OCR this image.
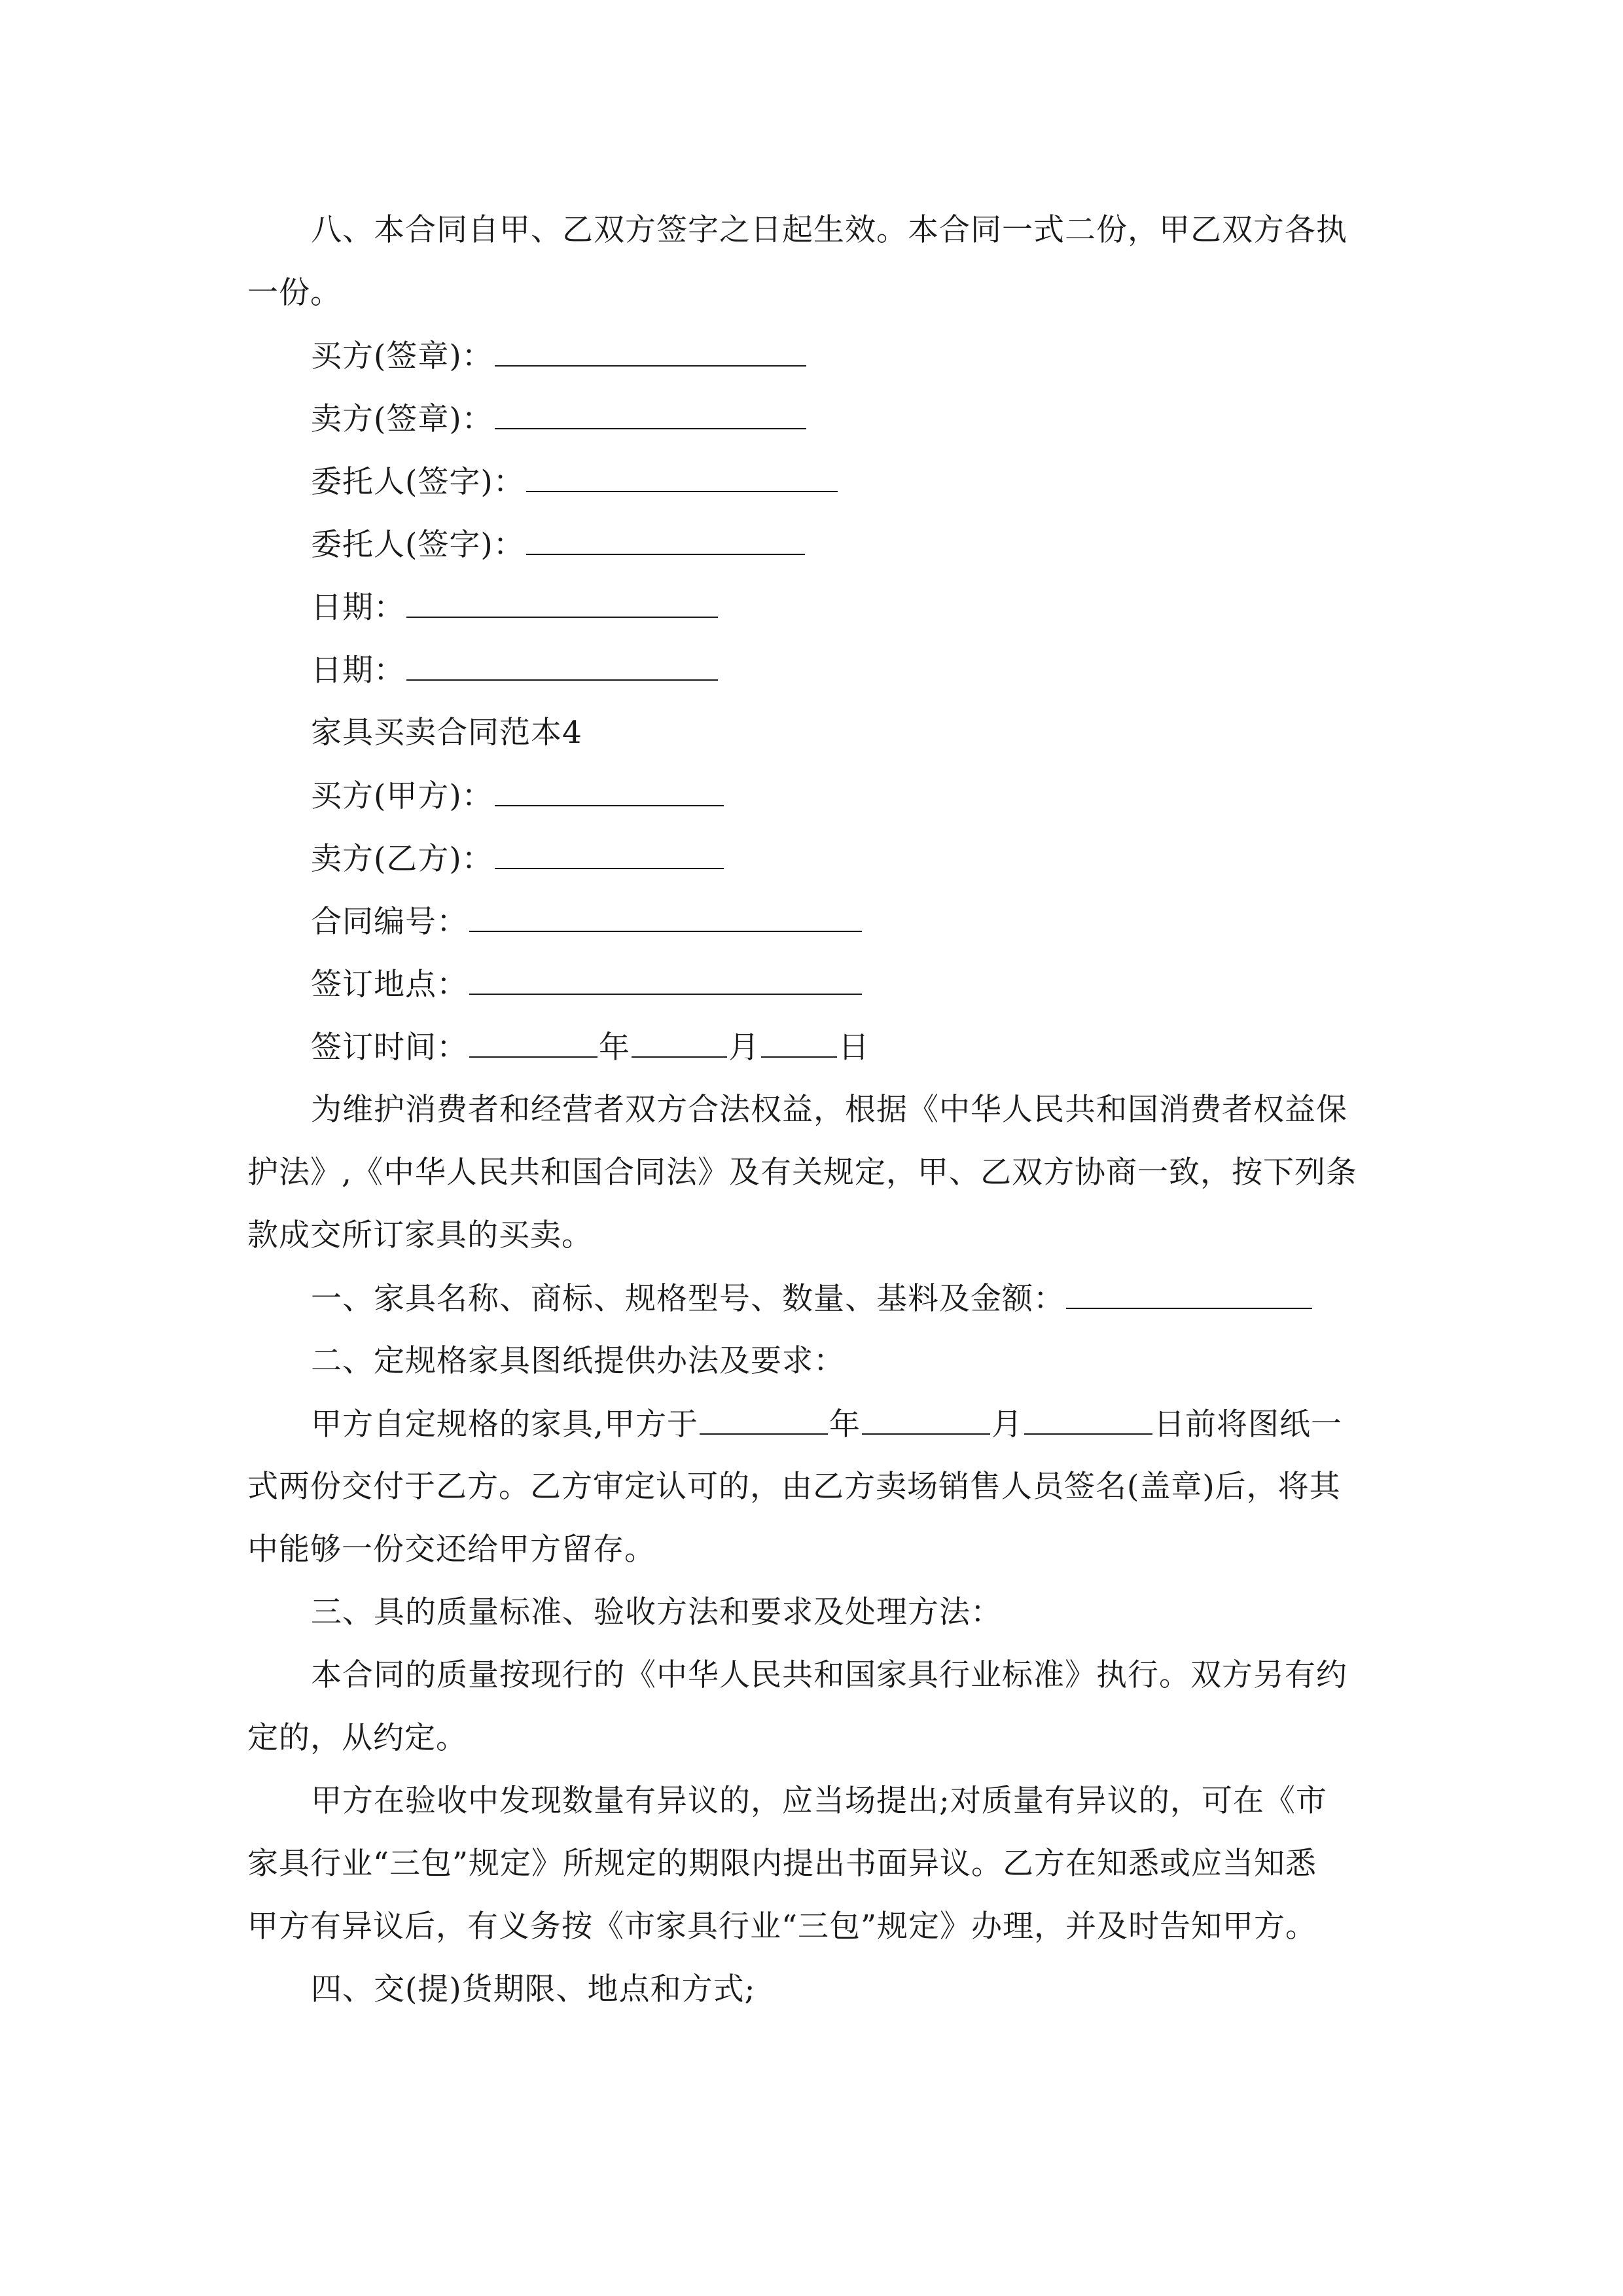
八、本合同自甲、乙双方签字之日起生效。本合同一式二份，甲乙双方各执
一份。
买方(签章)：
卖方(签章)：
委托人(签字)：
委托人(签字)：
日期：
日期：
家具买卖合同范本4
买方(甲方)：
卖方(乙方)：
合同编号：
签订地点：
签订时间：	年	月	日
为维护消费者和经营者双方合法权益，根据《中华人民共和国消费者权益保
护法》,《中华人民共和国合同法》及有关规定，甲、乙双方协商一致，按下列条
款成交所订家具的买卖。
一、家具名称、商标、规格型号、数量、基料及金额：
二、定规格家具图纸提供办法及要求：
甲方自定规格的家具,甲方于	年	月	日前将图纸一
式两份交付于乙方。乙方审定认可的，由乙方卖场销售人员签名(盖章)后，将其
中能够一份交还给甲方留存。
三、具的质量标准、验收方法和要求及处理方法：
本合同的质量按现行的《中华人民共和国家具行业标准》执行。双方另有约
定的，从约定。
甲方在验收中发现数量有异议的，应当场提出;对质量有异议的，可在《市
家具行业“三包”规定》所规定的期限内提出书面异议。乙方在知悉或应当知悉
甲方有异议后，有义务按《市家具行业“三包”规定》办理，并及时告知甲方。
四、交(提)货期限、地点和方式;
